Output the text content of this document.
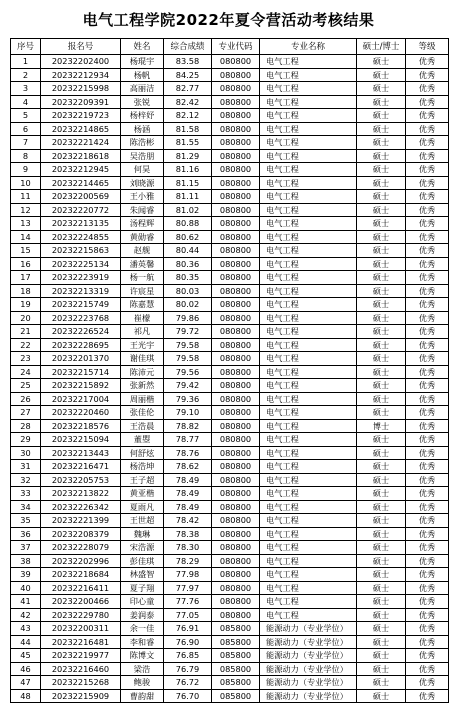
电气工程学院2022年夏令营活动考核结果
序号	报名号	姓名	综合成绩	专业代码	专业名称	硕士/博士	等级
1	20232202400	杨琨宇	83.58	080800	电气工程	硕士	优秀
2	20232212934	杨帆	84.25	080800	电气工程	硕士	优秀
3	20232215998	高丽洁	82.77	080800	电气工程	硕士	优秀
4	20232209391	张锐	82.42	080800	电气工程	硕士	优秀
5	20232219723	杨梓妤	82.12	080800	电气工程	硕士	优秀
6	20232214865	杨涵	81.58	080800	电气工程	硕士	优秀
7	20232221424	陈浩彬	81.55	080800	电气工程	硕士	优秀
8	20232218618	吴浩朋	81.29	080800	电气工程	硕士	优秀
9	20232212945	何昊	81.16	080800	电气工程	硕士	优秀
10	20232214465	刘晓源	81.15	080800	电气工程	硕士	优秀
11	20232200569	王小雅	81.11	080800	电气工程	硕士	优秀
12	20232220772	朱闻睿	81.02	080800	电气工程	硕士	优秀
13	20232213135	汤程辉	80.88	080800	电气工程	硕士	优秀
14	20232224855	黄勋睿	80.62	080800	电气工程	硕士	优秀
15	20232215863	赵舰	80.44	080800	电气工程	硕士	优秀
16	20232225134	潘英馨	80.36	080800	电气工程	硕士	优秀
17	20232223919	杨一航	80.35	080800	电气工程	硕士	优秀
18	20232213319	许宸星	80.03	080800	电气工程	硕士	优秀
19	20232215749	陈嘉慧	80.02	080800	电气工程	硕士	优秀
20	20232223768	崔檬	79.86	080800	电气工程	硕士	优秀
21	20232226524	祁凡	79.72	080800	电气工程	硕士	优秀
22	20232228695	王光宇	79.58	080800	电气工程	硕士	优秀
23	20232201370	谢佳琪	79.58	080800	电气工程	硕士	优秀
24	20232215714	陈沛元	79.56	080800	电气工程	硕士	优秀
25	20232215892	张新然	79.42	080800	电气工程	硕士	优秀
26	20232217004	周丽楷	79.36	080800	电气工程	硕士	优秀
27	20232220460	张佳伦	79.10	080800	电气工程	硕士	优秀
28	20232218576	王浩晨	78.82	080800	电气工程	博士	优秀
29	20232215094	董曌	78.77	080800	电气工程	硕士	优秀
30	20232213443	何舒炫	78.76	080800	电气工程	硕士	优秀
31	20232216471	杨浩坤	78.62	080800	电气工程	硕士	优秀
32	20232205753	王子超	78.49	080800	电气工程	硕士	优秀
33	20232213822	黄亚楷	78.49	080800	电气工程	硕士	优秀
34	20232226342	夏雨凡	78.49	080800	电气工程	硕士	优秀
35	20232221399	王世超	78.42	080800	电气工程	硕士	优秀
36	20232208379	魏琳	78.38	080800	电气工程	硕士	优秀
37	20232228079	宋浩源	78.30	080800	电气工程	硕士	优秀
38	20232202996	彭佳琪	78.29	080800	电气工程	硕士	优秀
39	20232218684	林盛智	77.98	080800	电气工程	硕士	优秀
40	20232216411	夏子翔	77.97	080800	电气工程	硕士	优秀
41	20232200466	印心童	77.76	080800	电气工程	硕士	优秀
42	20232229780	姜润泰	77.05	080800	电气工程	硕士	优秀
43	20232200311	余一佳	76.91	085800	能源动力（专业学位）	硕士	优秀
44	20232216481	李和睿	76.90	085800	能源动力（专业学位）	硕士	优秀
45	20232219977	陈博文	76.85	085800	能源动力（专业学位）	硕士	优秀
46	20232216460	梁浩	76.79	085800	能源动力（专业学位）	硕士	优秀
47	20232215268	鲍骏	76.72	085800	能源动力（专业学位）	硕士	优秀
48	20232215909	曹韵甜	76.70	085800	能源动力（专业学位）	硕士	优秀
